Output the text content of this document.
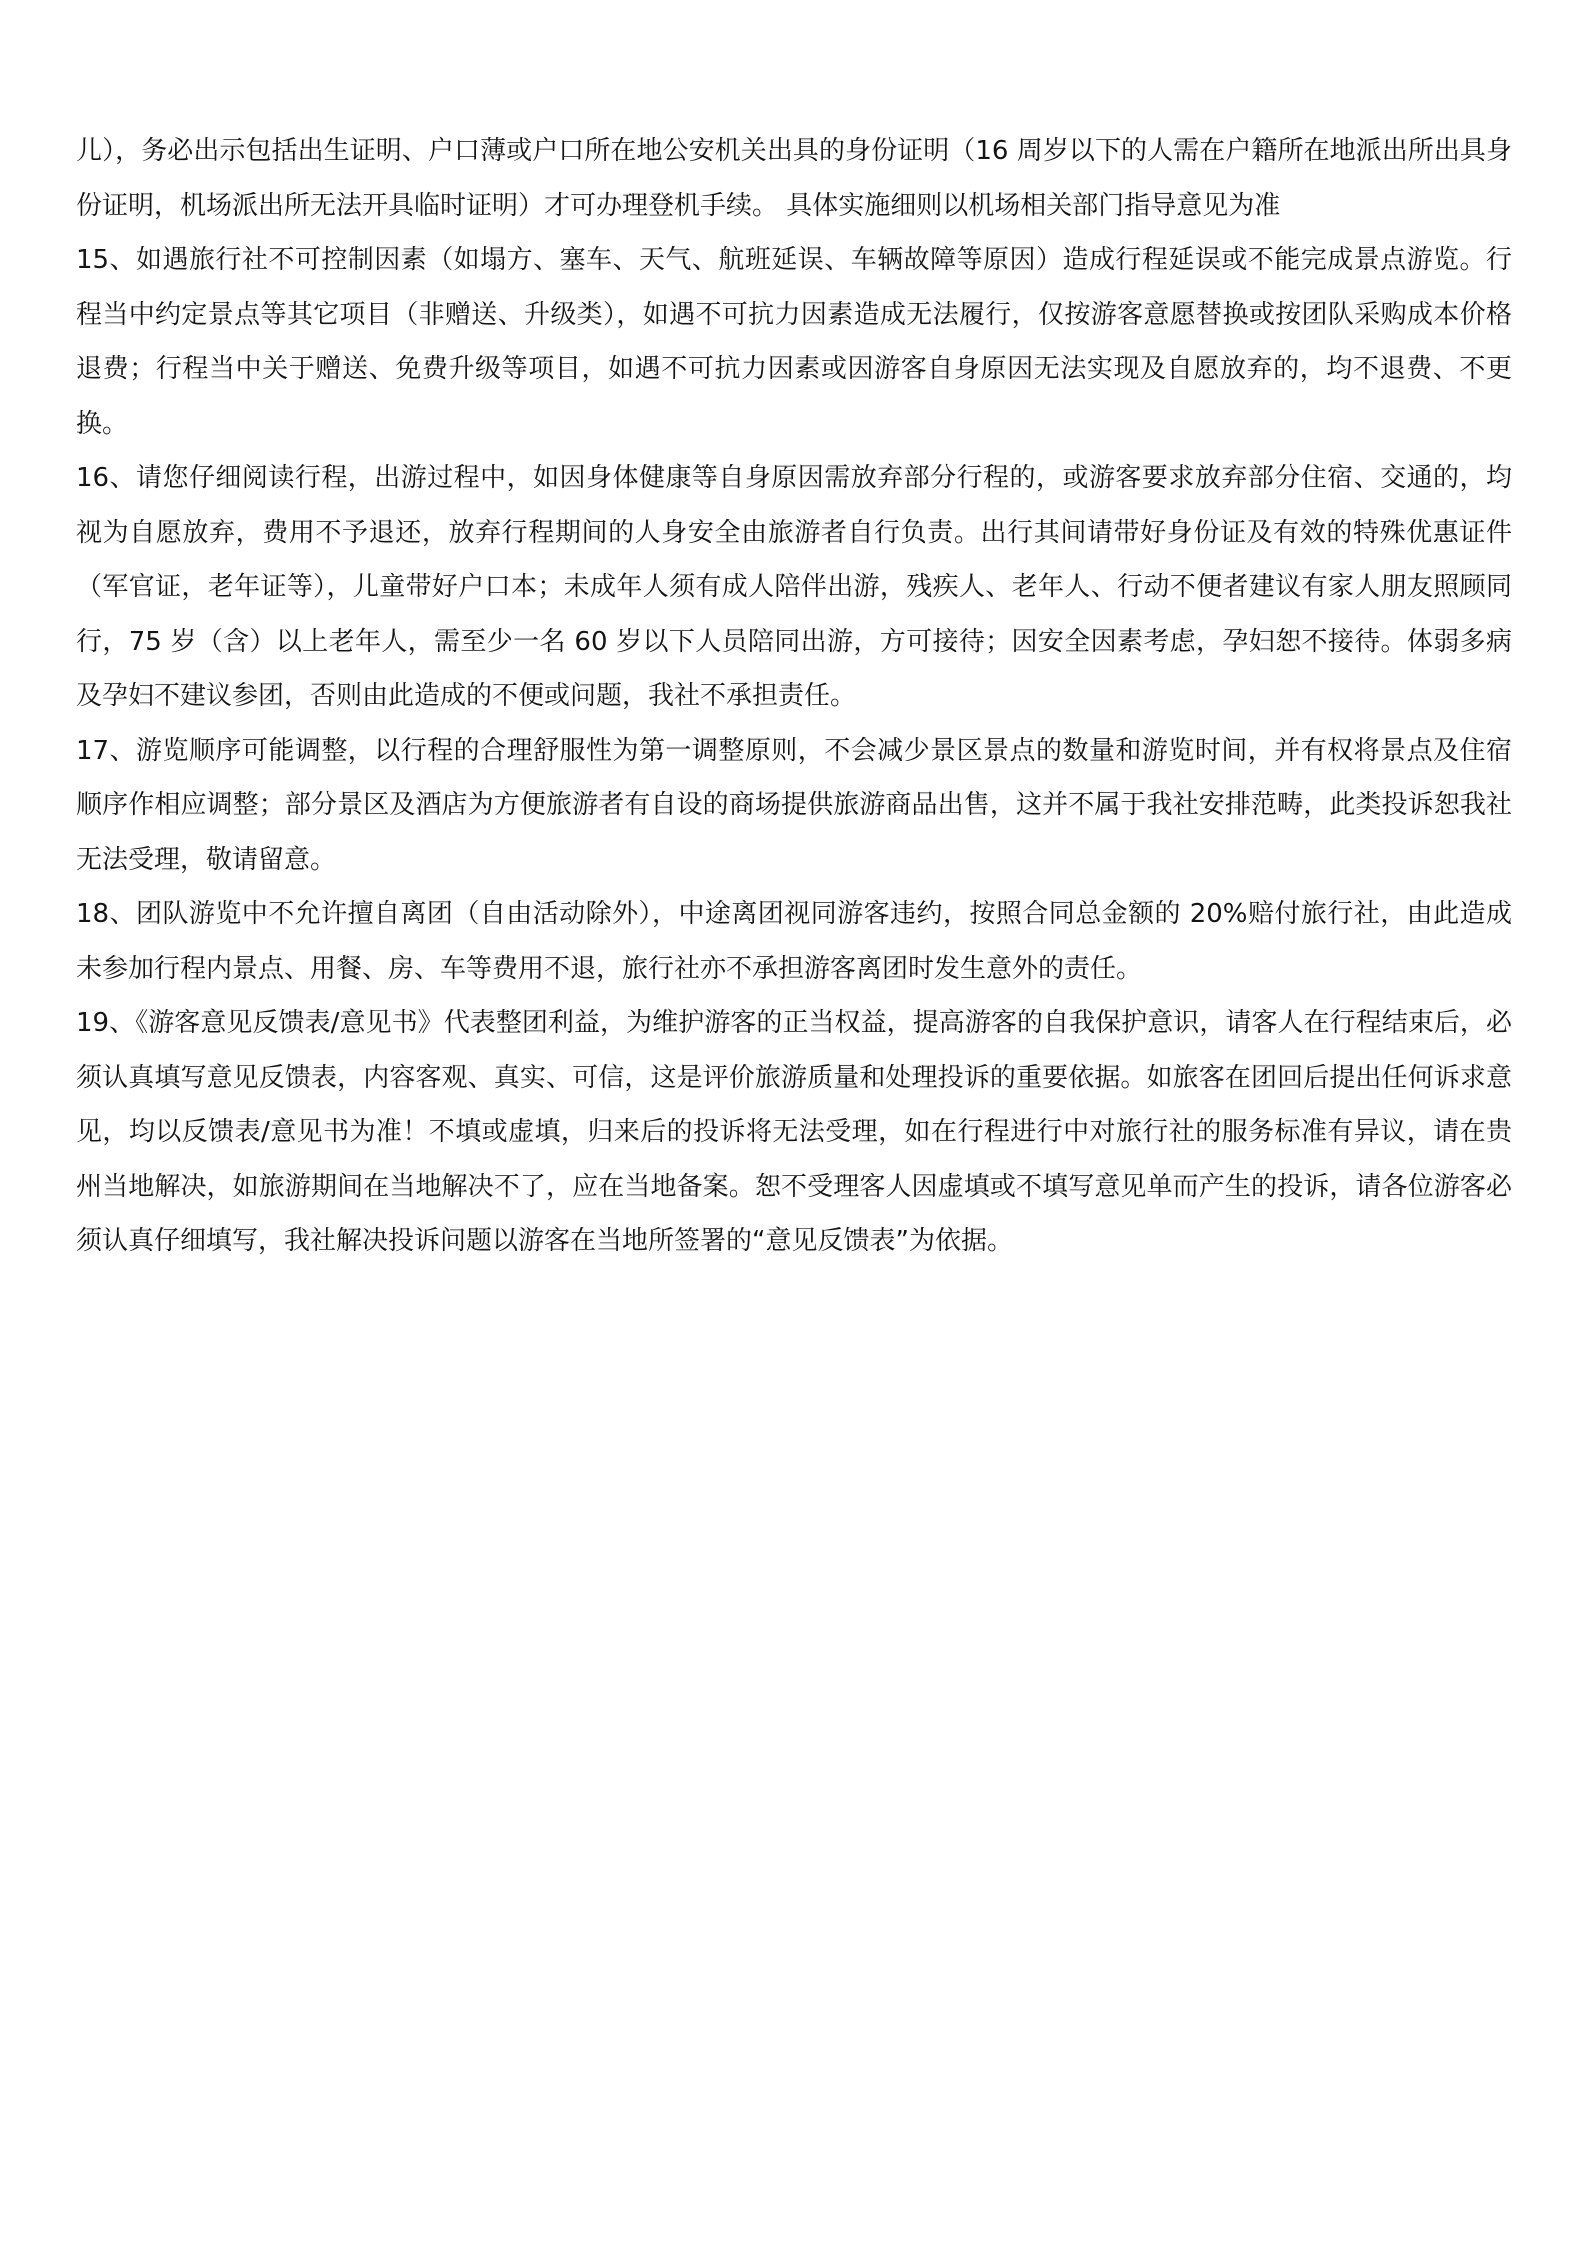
儿），务必出示包括出生证明、户口薄或户口所在地公安机关出具的身份证明（16 周岁以下的人需在户籍所在地派出所出具身份证明，机场派出所无法开具临时证明）才可办理登机手续。 具体实施细则以机场相关部门指导意见为准

15、如遇旅行社不可控制因素（如塌方、塞车、天气、航班延误、车辆故障等原因）造成行程延误或不能完成景点游览。行程当中约定景点等其它项目（非赠送、升级类），如遇不可抗力因素造成无法履行，仅按游客意愿替换或按团队采购成本价格退费；行程当中关于赠送、免费升级等项目，如遇不可抗力因素或因游客自身原因无法实现及自愿放弃的，均不退费、不更换。

16、请您仔细阅读行程，出游过程中，如因身体健康等自身原因需放弃部分行程的，或游客要求放弃部分住宿、交通的，均视为自愿放弃，费用不予退还，放弃行程期间的人身安全由旅游者自行负责。出行其间请带好身份证及有效的特殊优惠证件（军官证，老年证等），儿童带好户口本；未成年人须有成人陪伴出游，残疾人、老年人、行动不便者建议有家人朋友照顾同行，75 岁（含）以上老年人，需至少一名 60 岁以下人员陪同出游，方可接待；因安全因素考虑，孕妇恕不接待。体弱多病及孕妇不建议参团，否则由此造成的不便或问题，我社不承担责任。

17、游览顺序可能调整，以行程的合理舒服性为第一调整原则，不会减少景区景点的数量和游览时间，并有权将景点及住宿顺序作相应调整；部分景区及酒店为方便旅游者有自设的商场提供旅游商品出售，这并不属于我社安排范畴，此类投诉恕我社无法受理，敬请留意。

18、团队游览中不允许擅自离团（自由活动除外），中途离团视同游客违约，按照合同总金额的 20%赔付旅行社，由此造成未参加行程内景点、用餐、房、车等费用不退，旅行社亦不承担游客离团时发生意外的责任。

19、《游客意见反馈表/意见书》代表整团利益，为维护游客的正当权益，提高游客的自我保护意识，请客人在行程结束后，必须认真填写意见反馈表，内容客观、真实、可信，这是评价旅游质量和处理投诉的重要依据。如旅客在团回后提出任何诉求意见，均以反馈表/意见书为准！不填或虚填，归来后的投诉将无法受理，如在行程进行中对旅行社的服务标准有异议，请在贵州当地解决，如旅游期间在当地解决不了，应在当地备案。恕不受理客人因虚填或不填写意见单而产生的投诉，请各位游客必须认真仔细填写，我社解决投诉问题以游客在当地所签署的“意见反馈表”为依据。
